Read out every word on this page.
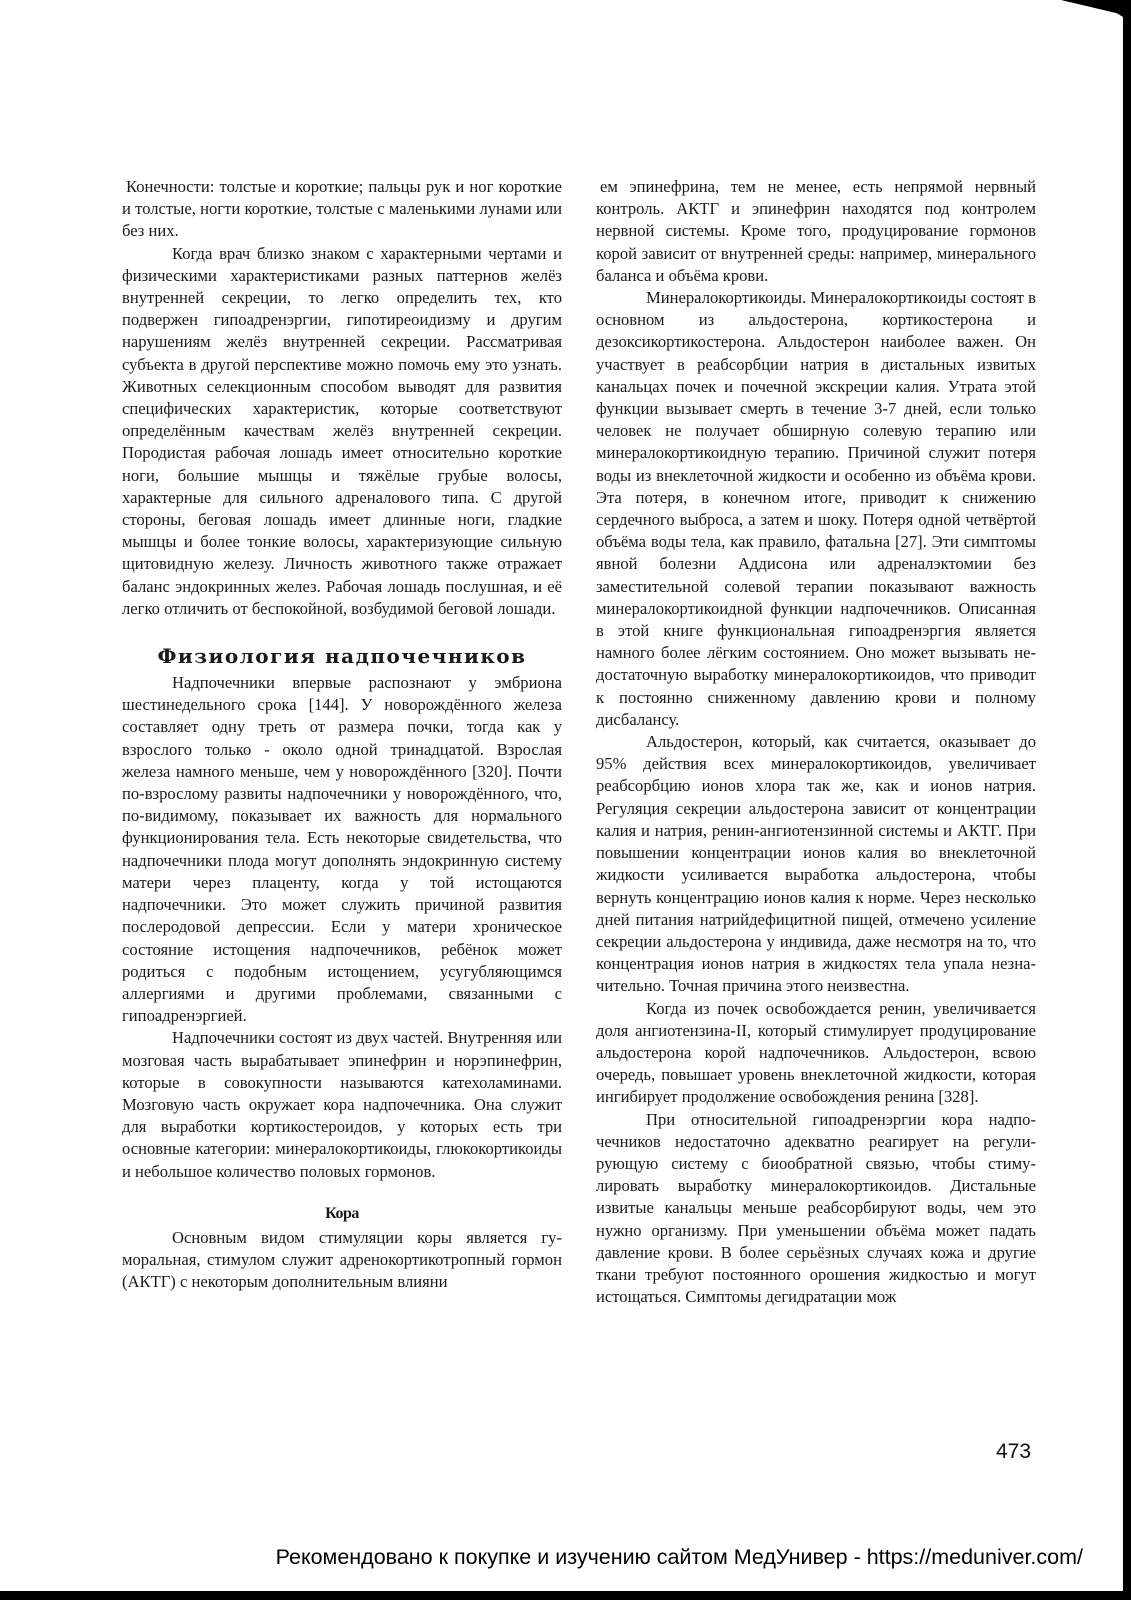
Конечности: толстые и короткие; пальцы рук и ног короткие и толстые, ногти короткие, толстые с маленькими лунами или без них.

Когда врач близко знаком с характерными чертами и физическими характеристиками разных паттернов желёз внутренней секреции, то легко определить тех, кто подвержен гипоадренэргии, гипотиреоидизму и другим нарушениям желёз внутренней секреции. Рассматривая субъекта в другой перспективе можно помочь ему это узнать. Животных селекционным способом выводят для развития специфических характеристик, которые соответствуют определённым качествам желёз внутренней секреции. Породистая рабочая лошадь имеет относительно короткие ноги, большие мышцы и тяжёлые грубые волосы, характерные для сильного адреналового типа. С другой стороны, беговая лошадь имеет длинные ноги, гладкие мышцы и более тонкие волосы, характеризующие сильную щитовидную железу. Личность животного также отражает баланс эндокринных желез. Рабочая лошадь послушная, и её легко отличить от беспокойной, возбудимой беговой лошади.

Физиология надпочечников

Надпочечники впервые распознают у эмбриона шестинедельного срока [144]. У новорождённого железа составляет одну треть от размера почки, тогда как у взрослого только - около одной тринадцатой. Взрослая железа намного меньше, чем у новорождённого [320]. Почти по-взрослому развиты надпочечники у новорождённого, что, по-видимому, показывает их важность для нормального функционирования тела. Есть некоторые свидетельства, что надпочечники плода могут дополнять эндокринную систему матери через плаценту, когда у той истощаются надпочечники. Это может служить причиной развития послеродовой депрессии. Если у матери хроническое состояние истощения надпочечников, ребёнок может родиться с подобным истощением, усугубляющимся аллергиями и другими проблемами, связанными с гипоадренэргией.

Надпочечники состоят из двух частей. Внутренняя или мозговая часть вырабатывает эпинефрин и норэпинефрин, которые в совокупности называются катехоламинами. Мозговую часть окружает кора надпочечника. Она служит для выработки кортикостероидов, у которых есть три основные категории: минералокортикоиды, глюкокортикоиды и небольшое количество половых гормонов.

Кора

Основным видом стимуляции коры является гуморальная, стимулом служит адренокортикотропный гормон (АКТГ) с некоторым дополнительным влияни

ем эпинефрина, тем не менее, есть непрямой нервный контроль. АКТГ и эпинефрин находятся под контролем нервной системы. Кроме того, продуцирование гормонов корой зависит от внутренней среды: например, минерального баланса и объёма крови.

Минералокортикоиды. Минералокортикоиды состоят в основном из альдостерона, кортикостерона и дезоксикортикостерона. Альдостерон наиболее важен. Он участвует в реабсорбции натрия в дистальных извитых канальцах почек и почечной экскреции калия. Утрата этой функции вызывает смерть в течение 3-7 дней, если только человек не получает обширную солевую терапию или минералокортикоидную терапию. Причиной служит потеря воды из внеклеточной жидкости и особенно из объёма крови. Эта потеря, в конечном итоге, приводит к снижению сердечного выброса, а затем и шоку. Потеря одной четвёртой объёма воды тела, как правило, фатальна [27]. Эти симптомы явной болезни Аддисона или адреналэктомии без заместительной солевой терапии показывают важность минералокортикоидной функции надпочечников. Описанная в этой книге функциональная гипоадренэргия является намного более лёгким состоянием. Оно может вызывать недостаточную выработку минералокортикоидов, что приводит к постоянно сниженному давлению крови и полному дисбалансу.

Альдостерон, который, как считается, оказывает до 95% действия всех минералокортикоидов, увеличивает реабсорбцию ионов хлора так же, как и ионов натрия. Регуляция секреции альдостерона зависит от концентрации калия и натрия, ренин-ангиотензинной системы и АКТГ. При повышении концентрации ионов калия во внеклеточной жидкости усиливается выработка альдостерона, чтобы вернуть концентрацию ионов калия к норме. Через несколько дней питания натрийдефицитной пищей, отмечено усиление секреции альдостерона у индивида, даже несмотря на то, что концентрация ионов натрия в жидкостях тела упала незначительно. Точная причина этого неизвестна.

Когда из почек освобождается ренин, увеличивается доля ангиотензина-II, который стимулирует продуцирование альдостерона корой надпочечников. Альдостерон, всвою очередь, повышает уровень внеклеточной жидкости, которая ингибирует продолжение освобождения ренина [328].

При относительной гипоадренэргии кора надпочечников недостаточно адекватно реагирует на регулирующую систему с биообратной связью, чтобы стимулировать выработку минералокортикоидов. Дистальные извитые канальцы меньше реабсорбируют воды, чем это нужно организму. При уменьшении объёма может падать давление крови. В более серьёзных случаях кожа и другие ткани требуют постоянного орошения жидкостью и могут истощаться. Симптомы дегидратации мож

473
Рекомендовано к покупке и изучению сайтом МедУнивер - https://meduniver.com/
